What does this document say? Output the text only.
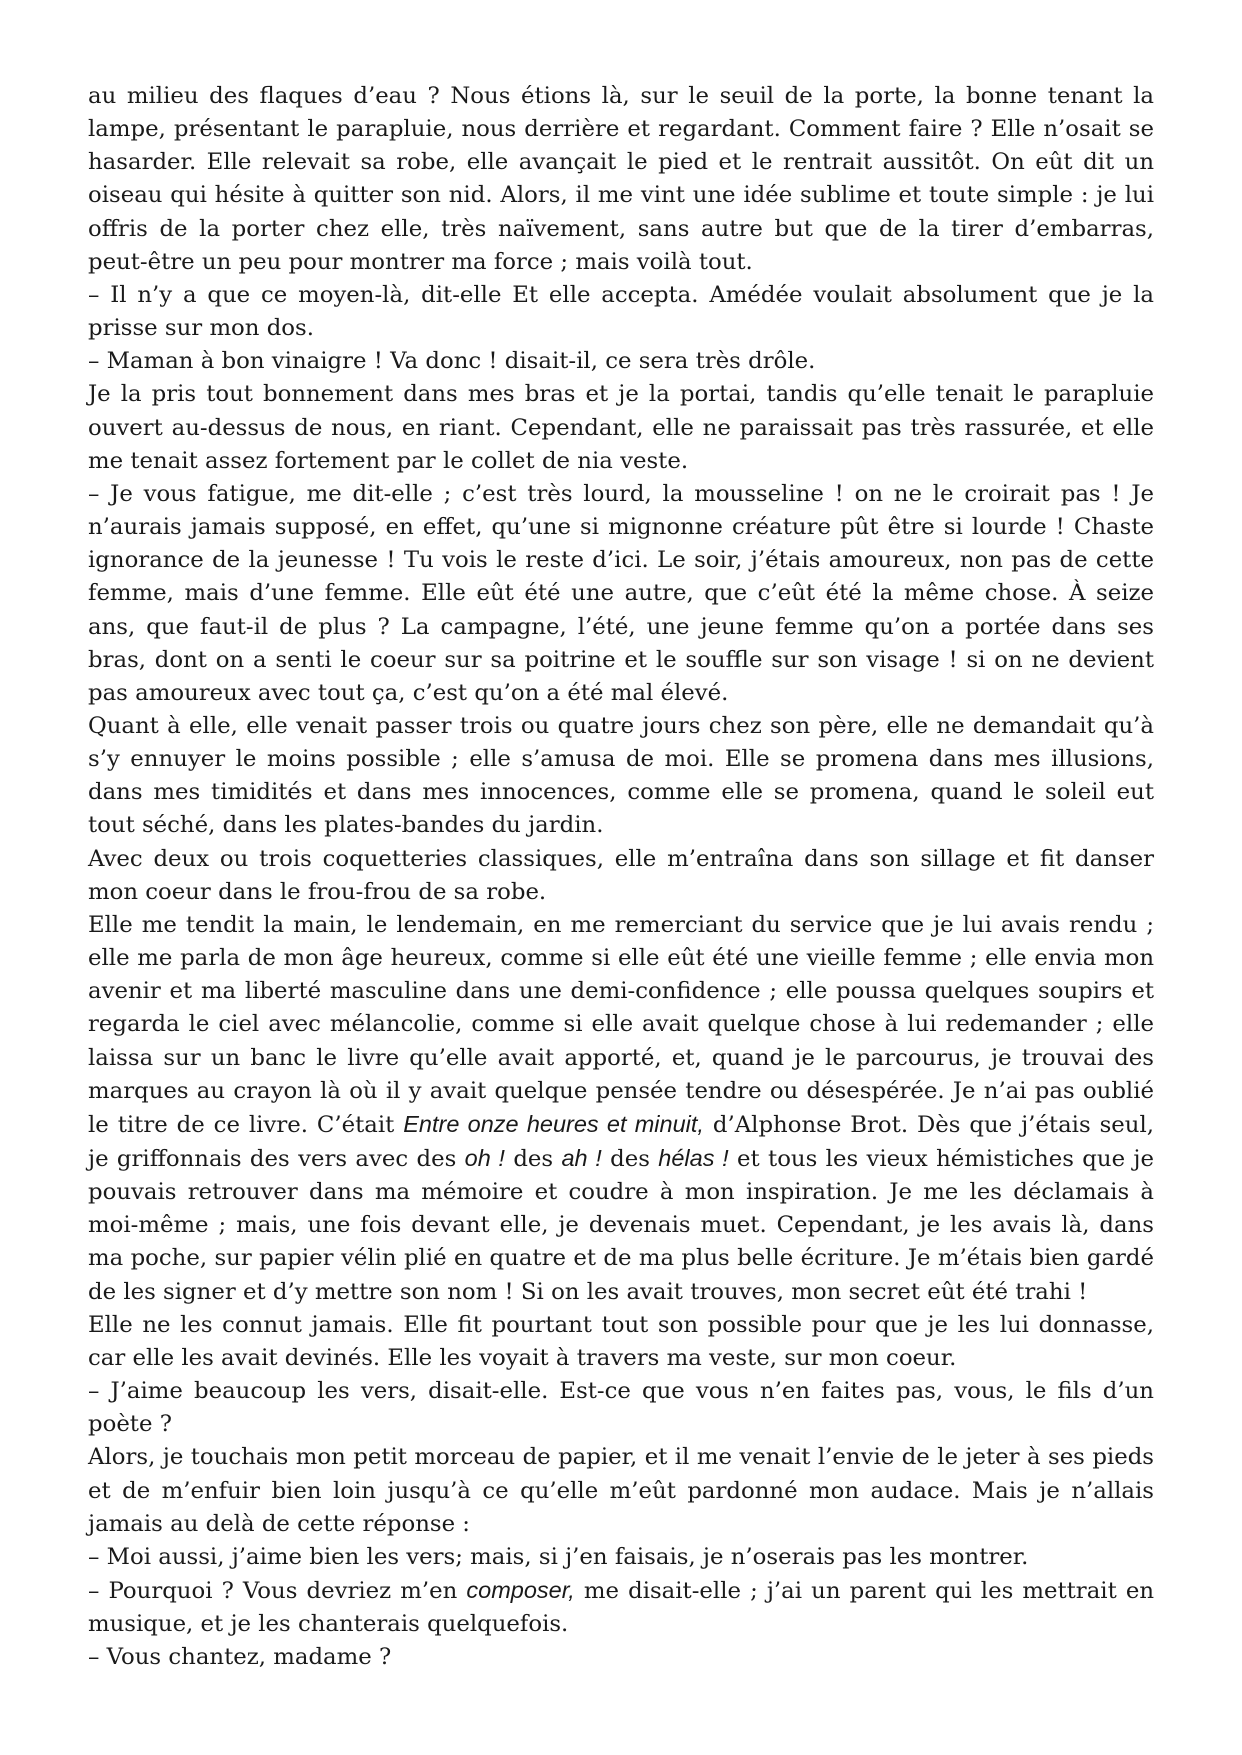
au milieu des flaques d’eau ? Nous étions là, sur le seuil de la porte, la bonne tenant la lampe, présentant le parapluie, nous derrière et regardant. Comment faire ? Elle n’osait se hasarder. Elle relevait sa robe, elle avançait le pied et le rentrait aussitôt. On eût dit un oiseau qui hésite à quitter son nid. Alors, il me vint une idée sublime et toute simple : je lui offris de la porter chez elle, très naïvement, sans autre but que de la tirer d’embarras, peut-être un peu pour montrer ma force ; mais voilà tout.

– Il n’y a que ce moyen-là, dit-elle Et elle accepta. Amédée voulait absolument que je la prisse sur mon dos.

– Maman à bon vinaigre ! Va donc ! disait-il, ce sera très drôle.

Je la pris tout bonnement dans mes bras et je la portai, tandis qu’elle tenait le parapluie ouvert au-dessus de nous, en riant. Cependant, elle ne paraissait pas très rassurée, et elle me tenait assez fortement par le collet de nia veste.

– Je vous fatigue, me dit-elle ; c’est très lourd, la mousseline ! on ne le croirait pas ! Je n’aurais jamais supposé, en effet, qu’une si mignonne créature pût être si lourde ! Chaste ignorance de la jeunesse ! Tu vois le reste d’ici. Le soir, j’étais amoureux, non pas de cette femme, mais d’une femme. Elle eût été une autre, que c’eût été la même chose. À seize ans, que faut-il de plus ? La campagne, l’été, une jeune femme qu’on a portée dans ses bras, dont on a senti le coeur sur sa poitrine et le souffle sur son visage ! si on ne devient pas amoureux avec tout ça, c’est qu’on a été mal élevé.

Quant à elle, elle venait passer trois ou quatre jours chez son père, elle ne demandait qu’à s’y ennuyer le moins possible ; elle s’amusa de moi. Elle se promena dans mes illusions, dans mes timidités et dans mes innocences, comme elle se promena, quand le soleil eut tout séché, dans les plates-bandes du jardin.

Avec deux ou trois coquetteries classiques, elle m’entraîna dans son sillage et fit danser mon coeur dans le frou-frou de sa robe.

Elle me tendit la main, le lendemain, en me remerciant du service que je lui avais rendu ; elle me parla de mon âge heureux, comme si elle eût été une vieille femme ; elle envia mon avenir et ma liberté masculine dans une demi-confidence ; elle poussa quelques soupirs et regarda le ciel avec mélancolie, comme si elle avait quelque chose à lui redemander ; elle laissa sur un banc le livre qu’elle avait apporté, et, quand je le parcourus, je trouvai des marques au crayon là où il y avait quelque pensée tendre ou désespérée. Je n’ai pas oublié le titre de ce livre. C’était Entre onze heures et minuit, d’Alphonse Brot. Dès que j’étais seul, je griffonnais des vers avec des oh ! des ah ! des hélas ! et tous les vieux hémistiches que je pouvais retrouver dans ma mémoire et coudre à mon inspiration. Je me les déclamais à moi-même ; mais, une fois devant elle, je devenais muet. Cependant, je les avais là, dans ma poche, sur papier vélin plié en quatre et de ma plus belle écriture. Je m’étais bien gardé de les signer et d’y mettre son nom ! Si on les avait trouves, mon secret eût été trahi !

Elle ne les connut jamais. Elle fit pourtant tout son possible pour que je les lui donnasse, car elle les avait devinés. Elle les voyait à travers ma veste, sur mon coeur.

– J’aime beaucoup les vers, disait-elle. Est-ce que vous n’en faites pas, vous, le fils d’un poète ?

Alors, je touchais mon petit morceau de papier, et il me venait l’envie de le jeter à ses pieds et de m’enfuir bien loin jusqu’à ce qu’elle m’eût pardonné mon audace. Mais je n’allais jamais au delà de cette réponse :

– Moi aussi, j’aime bien les vers; mais, si j’en faisais, je n’oserais pas les montrer.

– Pourquoi ? Vous devriez m’en composer, me disait-elle ; j’ai un parent qui les mettrait en musique, et je les chanterais quelquefois.

– Vous chantez, madame ?
